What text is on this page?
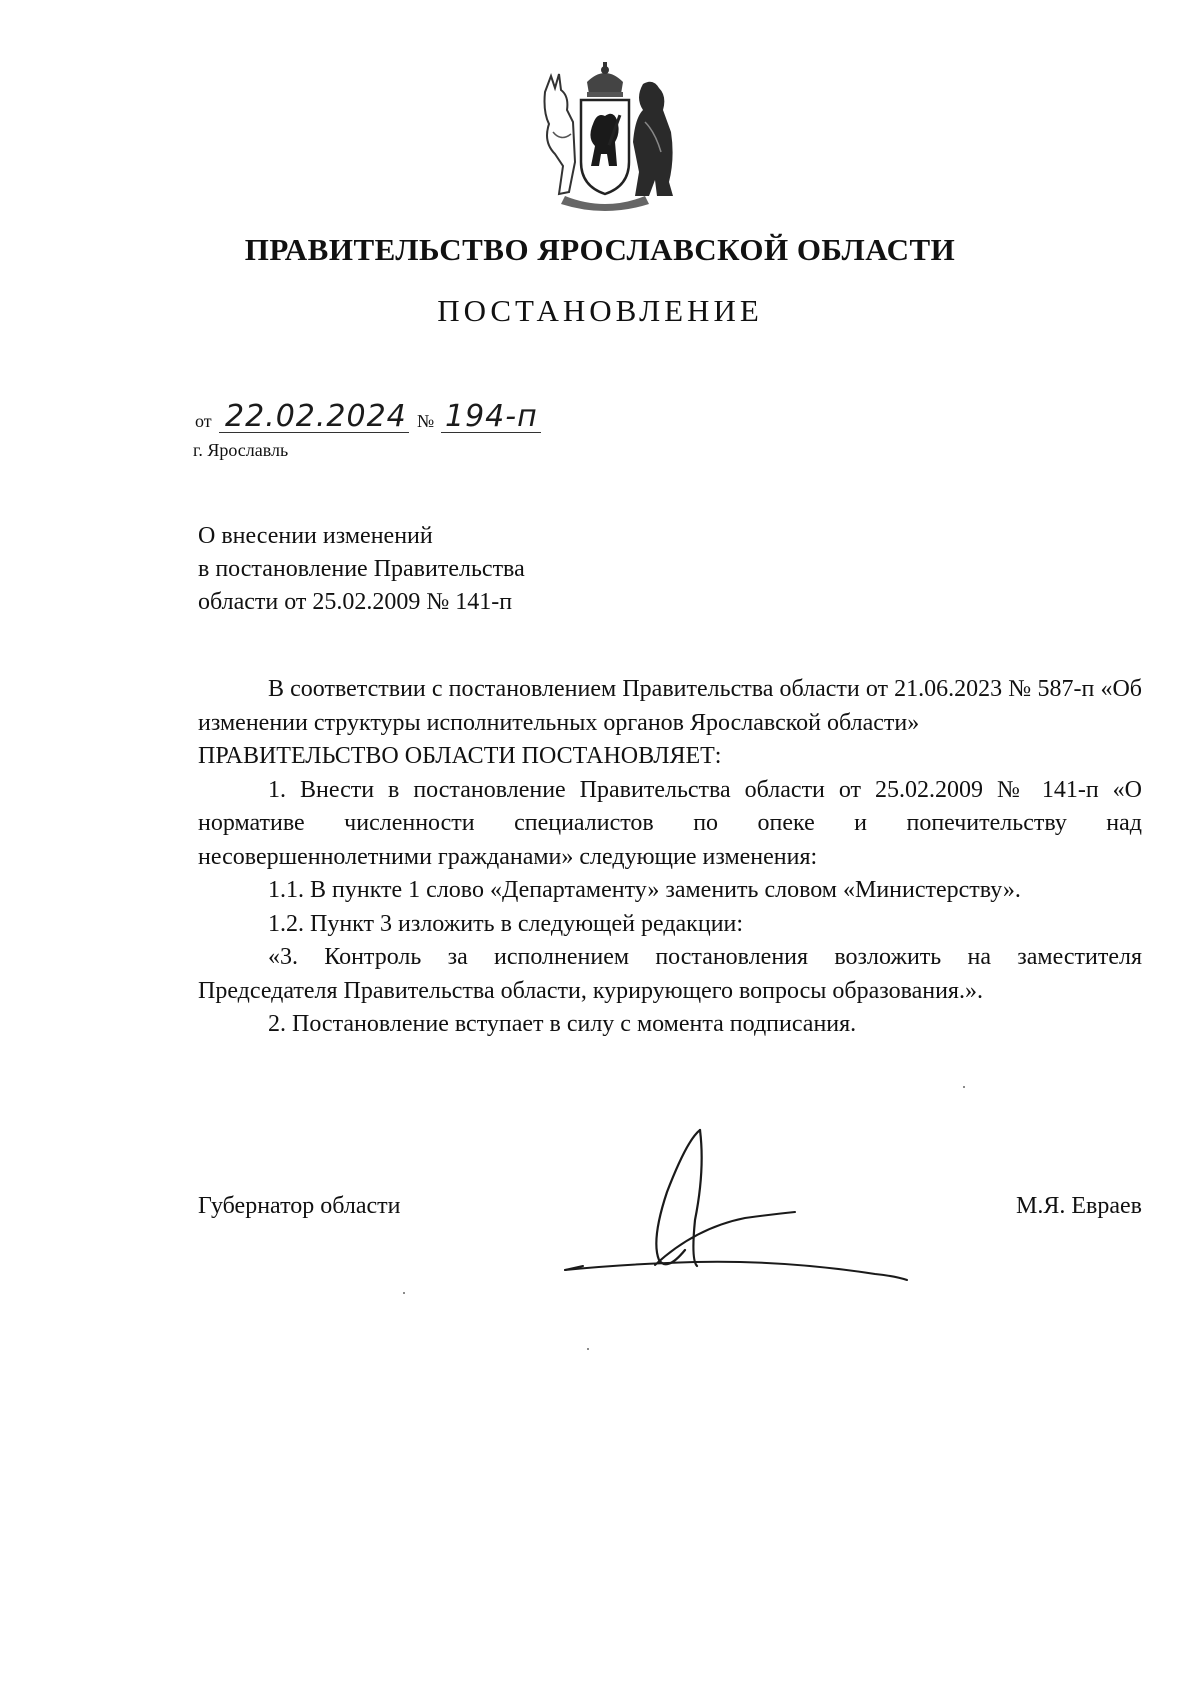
ПРАВИТЕЛЬСТВО ЯРОСЛАВСКОЙ ОБЛАСТИ
ПОСТАНОВЛЕНИЕ
от 22.02.2024 № 194-п
г. Ярославль
О внесении изменений
в постановление Правительства
области от 25.02.2009 № 141-п

В соответствии с постановлением Правительства области от 21.06.2023 № 587-п «Об изменении структуры исполнительных органов Ярославской области»

ПРАВИТЕЛЬСТВО ОБЛАСТИ ПОСТАНОВЛЯЕТ:

1. Внести в постановление Правительства области от 25.02.2009 № 141-п «О нормативе численности специалистов по опеке и попечительству над несовершеннолетними гражданами» следующие изменения:

1.1. В пункте 1 слово «Департаменту» заменить словом «Министерству».

1.2. Пункт 3 изложить в следующей редакции:

«3. Контроль за исполнением постановления возложить на заместителя Председателя Правительства области, курирующего вопросы образования.».

2. Постановление вступает в силу с момента подписания.

Губернатор области	М.Я. Евраев
